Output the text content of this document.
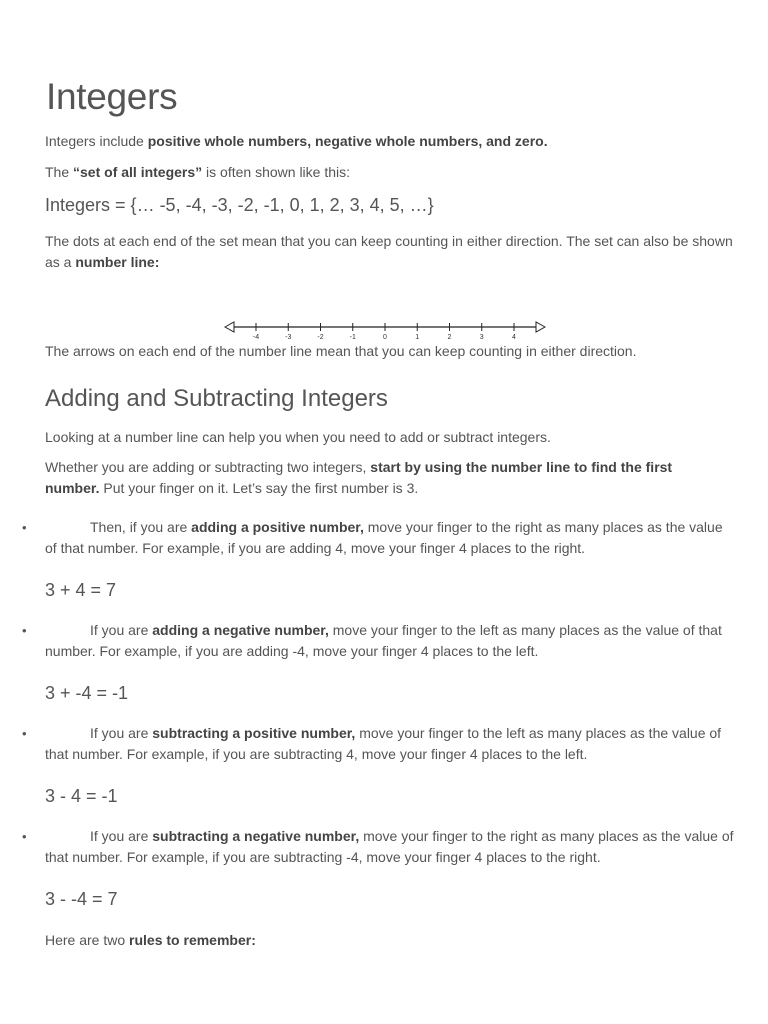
Integers

Integers include positive whole numbers, negative whole numbers, and zero.

The “set of all integers” is often shown like this:

Integers = {… -5, -4, -3, -2, -1, 0, 1, 2, 3, 4, 5, …}

The dots at each end of the set mean that you can keep counting in either direction. The set can also be shown as a number line:

-4	-3	-2	-1	0	1	2	3	4

The arrows on each end of the number line mean that you can keep counting in either direction.

Adding and Subtracting Integers

Looking at a number line can help you when you need to add or subtract integers.

Whether you are adding or subtracting two integers, start by using the number line to find the first number. Put your finger on it. Let’s say the first number is 3.

•	Then, if you are adding a positive number, move your finger to the right as many places as the value of that number. For example, if you are adding 4, move your finger 4 places to the right.

3 + 4 = 7
•	If you are adding a negative number, move your finger to the left as many places as the value of that number. For example, if you are adding -4, move your finger 4 places to the left.

3 + -4 = -1
•	If you are subtracting a positive number, move your finger to the left as many places as the value of that number. For example, if you are subtracting 4, move your finger 4 places to the left.

3 - 4 = -1
•	If you are subtracting a negative number, move your finger to the right as many places as the value of that number. For example, if you are subtracting -4, move your finger 4 places to the right.

3 - -4 = 7

Here are two rules to remember:
